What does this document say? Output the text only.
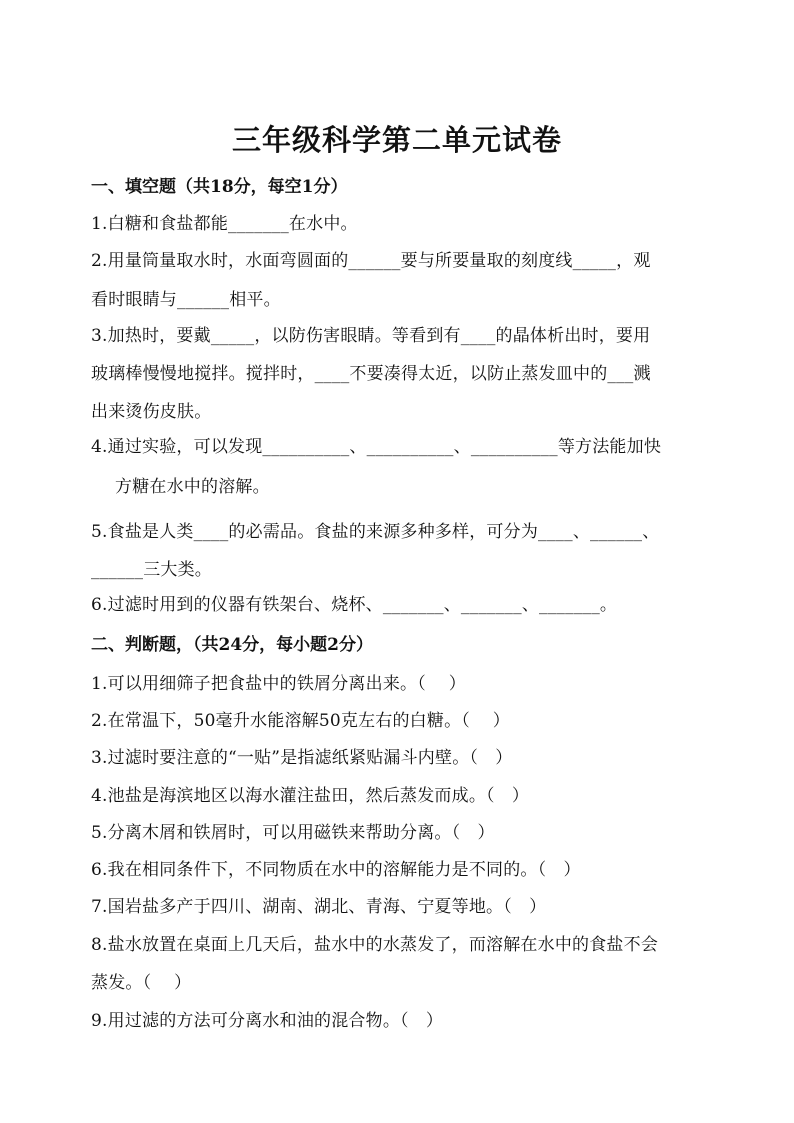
三年级科学第二单元试卷
一、填空题（共18分，每空1分）
1.白糖和食盐都能_______在水中。
2.用量筒量取水时，水面弯圆面的______要与所要量取的刻度线_____，观
看时眼睛与______相平。
3.加热时，要戴_____，以防伤害眼睛。等看到有____的晶体析出时，要用
玻璃棒慢慢地搅拌。搅拌时，____不要凑得太近，以防止蒸发皿中的___溅
出来烫伤皮肤。
4.通过实验，可以发现__________、__________、__________等方法能加快
方糖在水中的溶解。
5.食盐是人类____的必需品。食盐的来源多种多样，可分为____、______、
______三大类。
6.过滤时用到的仪器有铁架台、烧杯、_______、_______、_______。
二、判断题，（共24分，每小题2分）
1.可以用细筛子把食盐中的铁屑分离出来。（　 ）
2.在常温下，50毫升水能溶解50克左右的白糖。（　 ）
3.过滤时要注意的“一贴”是指滤纸紧贴漏斗内壁。（　）
4.池盐是海滨地区以海水灌注盐田，然后蒸发而成。（　）
5.分离木屑和铁屑时，可以用磁铁来帮助分离。（　）
6.我在相同条件下，不同物质在水中的溶解能力是不同的。（　）
7.国岩盐多产于四川、湖南、湖北、青海、宁夏等地。（　）
8.盐水放置在桌面上几天后，盐水中的水蒸发了，而溶解在水中的食盐不会
蒸发。（　 ）
9.用过滤的方法可分离水和油的混合物。（　）
